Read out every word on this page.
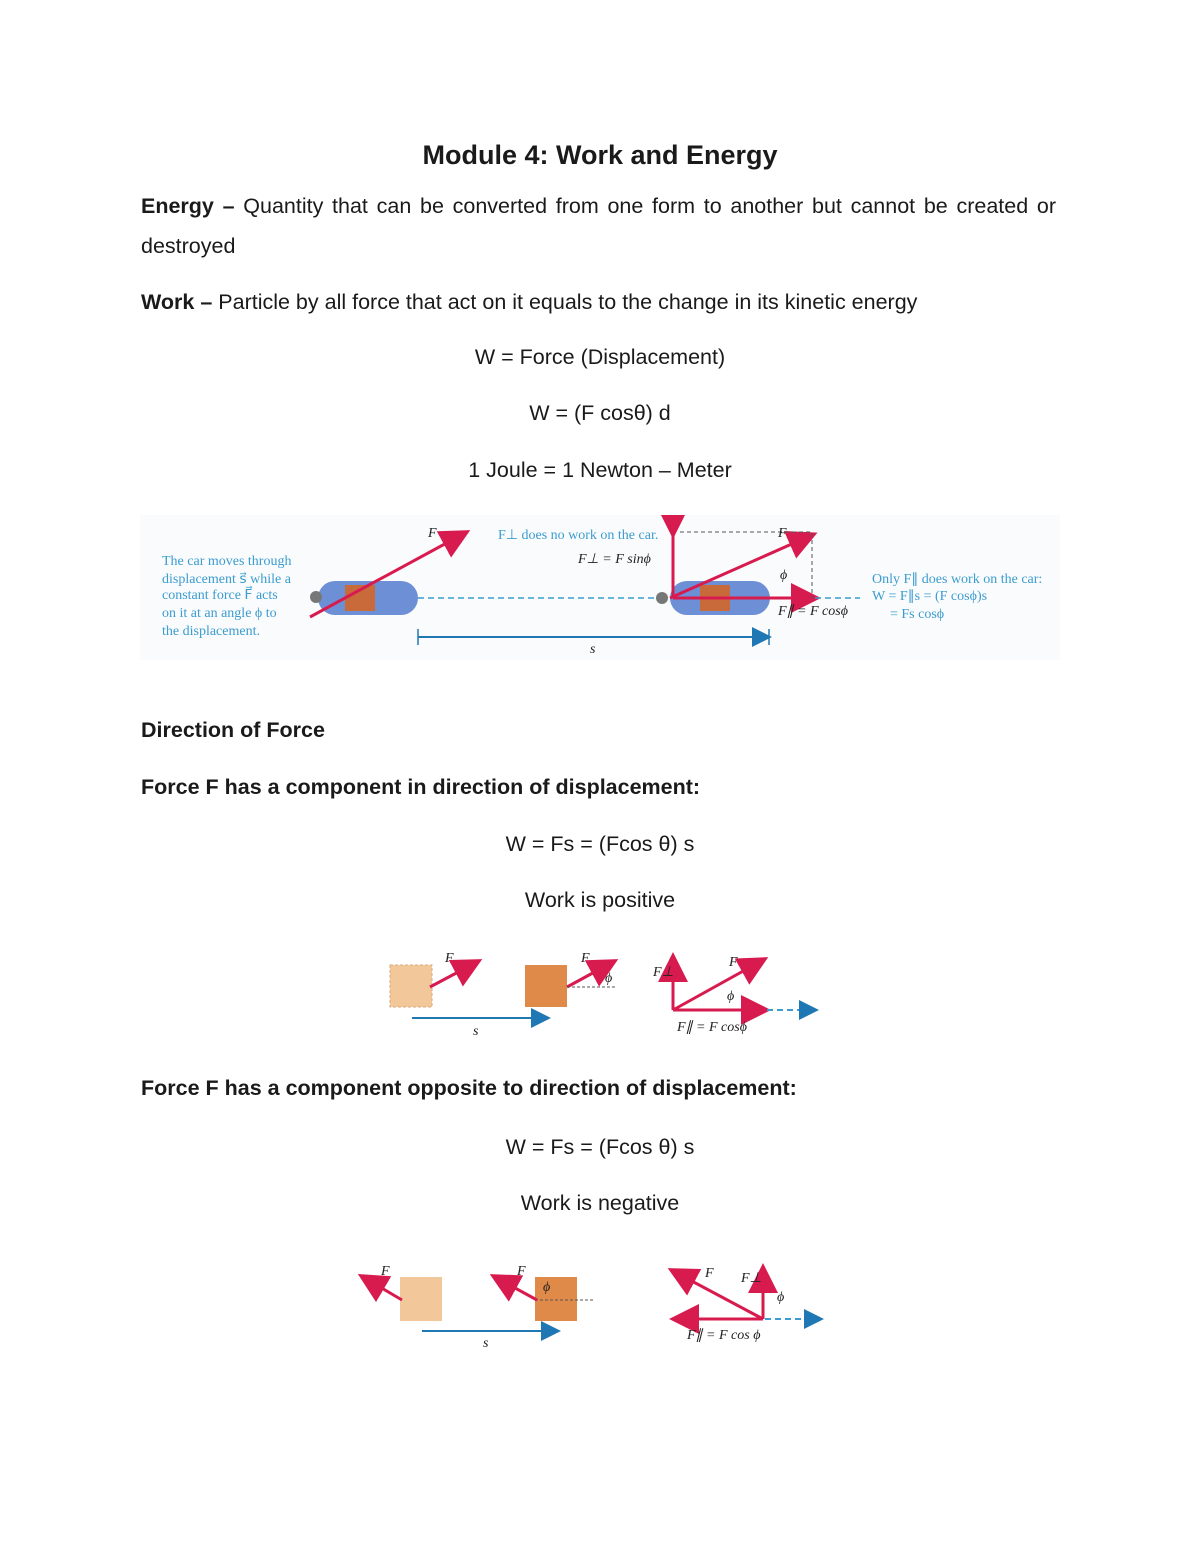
Module 4: Work and Energy
Energy – Quantity that can be converted from one form to another but cannot be created or destroyed
Work – Particle by all force that act on it equals to the change in its kinetic energy
W = Force (Displacement)
W = (F cosθ) d
1 Joule = 1 Newton – Meter
The car moves through
displacement s⃗ while a
constant force F⃗ acts
on it at an angle ϕ to
the displacement.
F⃗	F⃗
F⊥ does no work on the car.
F⊥ = F sinϕ
ϕ
F∥ = F cosϕ
Only F∥ does work on the car:
W = F∥s = (F cosϕ)s
= Fs cosϕ
s⃗
Direction of Force
Force F has a component in direction of displacement:
W = Fs = (Fcos θ) s
Work is positive
F⃗	F⃗
ϕ
s⃗
F⊥
F⃗
ϕ
F∥ = F cosϕ
Force F has a component opposite to direction of displacement:
W = Fs = (Fcos θ) s
Work is negative
F⃗	F⃗
ϕ
s⃗
F⊥
F⃗
ϕ
F∥ = F cos ϕ
